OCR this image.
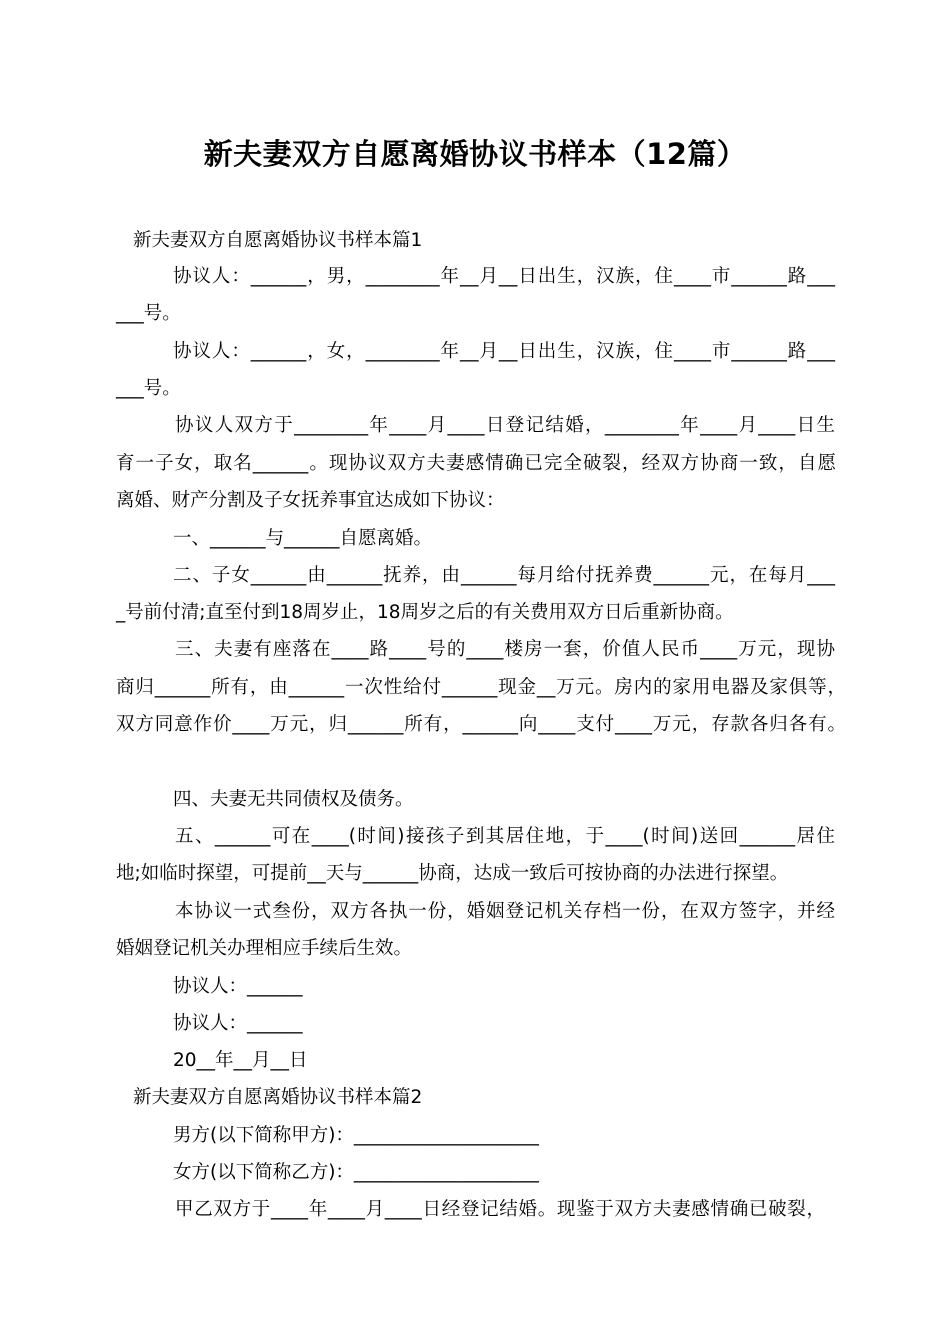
新夫妻双方自愿离婚协议书样本（12篇）
新夫妻双方自愿离婚协议书样本篇1
协议人：______，男，________年__月__日出生，汉族，住____市______路___
___号。
协议人：______，女，________年__月__日出生，汉族，住____市______路___
___号。
协议人双方于________年____月____日登记结婚，________年____月____日生
育一子女，取名______。现协议双方夫妻感情确已完全破裂，经双方协商一致，自愿
离婚、财产分割及子女抚养事宜达成如下协议：
一、______与______自愿离婚。
二、子女______由______抚养，由______每月给付抚养费______元，在每月___
_号前付清;直至付到18周岁止，18周岁之后的有关费用双方日后重新协商。
三、夫妻有座落在____路____号的____楼房一套，价值人民币____万元，现协
商归______所有，由______一次性给付______现金__万元。房内的家用电器及家俱等，
双方同意作价____万元，归______所有，______向____支付____万元，存款各归各有。
四、夫妻无共同债权及债务。
五、______可在____(时间)接孩子到其居住地，于____(时间)送回______居住
地;如临时探望，可提前__天与______协商，达成一致后可按协商的办法进行探望。
本协议一式叁份，双方各执一份，婚姻登记机关存档一份，在双方签字，并经
婚姻登记机关办理相应手续后生效。
协议人：______
协议人：______
20__年__月__日
新夫妻双方自愿离婚协议书样本篇2
男方(以下简称甲方)：____________________
女方(以下简称乙方)：____________________
甲乙双方于____年____月____日经登记结婚。现鉴于双方夫妻感情确已破裂，
